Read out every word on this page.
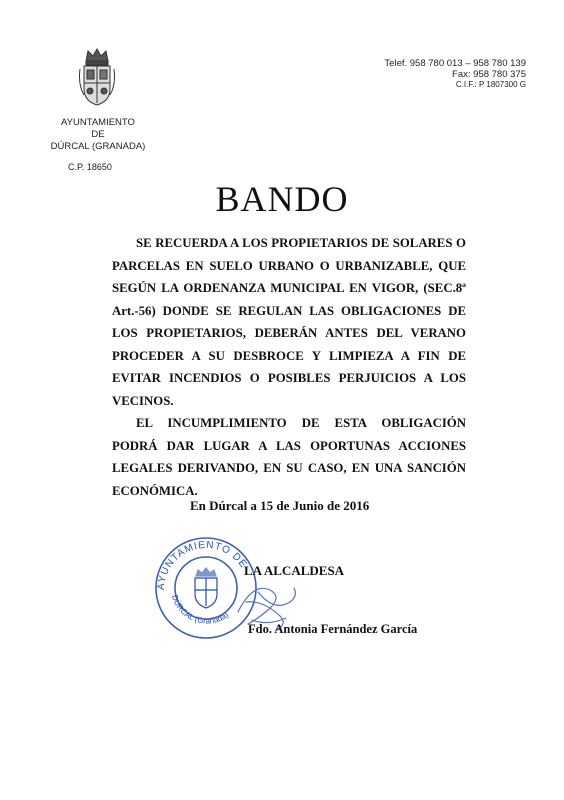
AYUNTAMIENTO
DE
DÚRCAL (GRANADA)
C.P. 18650
Telef. 958 780 013 – 958 780 139
Fax: 958 780 375
C.I.F.: P 1807300 G
BANDO

SE RECUERDA A LOS PROPIETARIOS DE SOLARES O PARCELAS EN SUELO URBANO O URBANIZABLE, QUE SEGÚN LA ORDENANZA MUNICIPAL EN VIGOR, (SEC.8ª Art.-56) DONDE SE REGULAN LAS OBLIGACIONES DE LOS PROPIETARIOS, DEBERÁN ANTES DEL VERANO PROCEDER A SU DESBROCE Y LIMPIEZA A FIN DE EVITAR INCENDIOS O POSIBLES PERJUICIOS A LOS VECINOS.

EL INCUMPLIMIENTO DE ESTA OBLIGACIÓN PODRÁ DAR LUGAR A LAS OPORTUNAS ACCIONES LEGALES DERIVANDO, EN SU CASO, EN UNA SANCIÓN ECONÓMICA.

En Dúrcal a 15 de Junio de 2016
AYUNTAMIENTO DE
DÚRCAL (Granada)
LA ALCALDESA
Fdo. Antonia Fernández García
